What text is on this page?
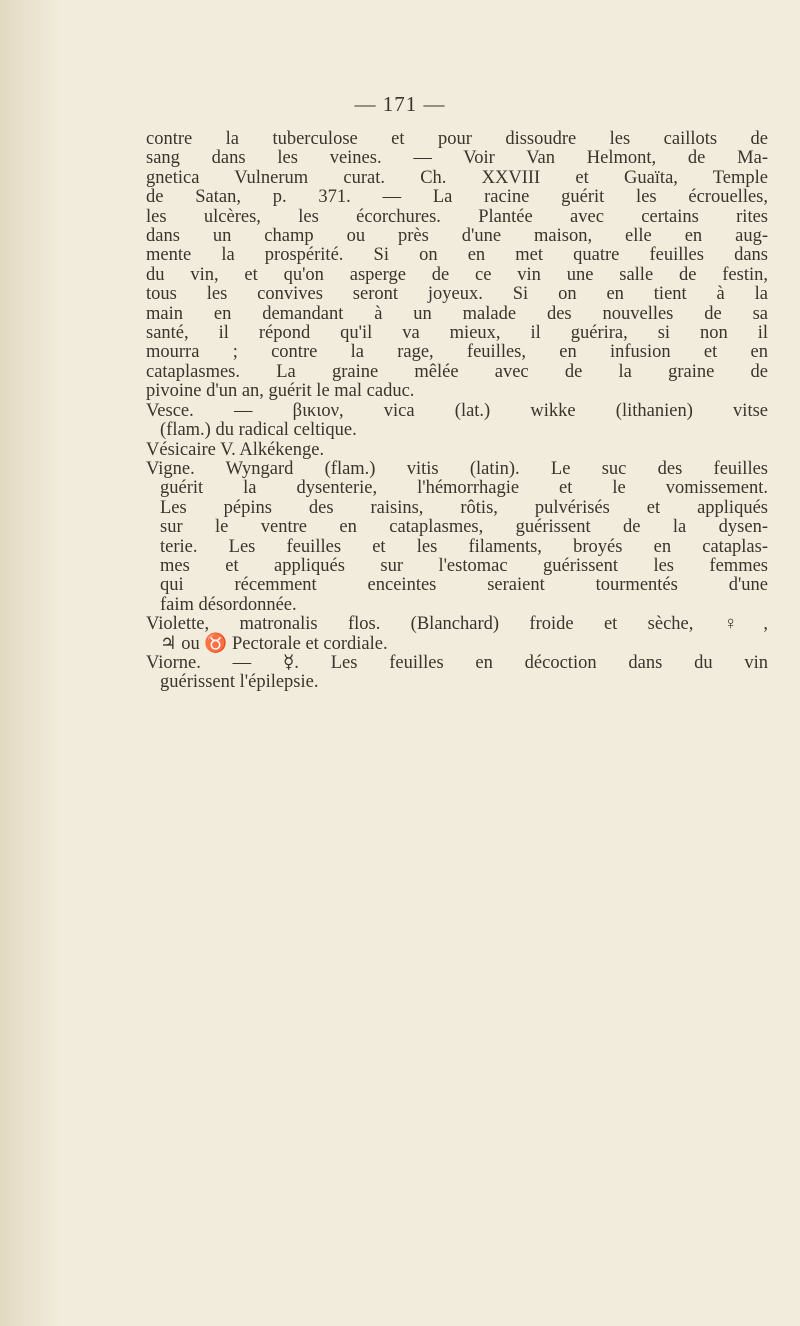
— 171 —
contre la tuberculose et pour dissoudre les caillots de
sang dans les veines. — Voir Van Helmont, de Ma-
gnetica Vulnerum curat. Ch. XXVIII et Guaïta, Temple
de Satan, p. 371. — La racine guérit les écrouelles,
les ulcères, les écorchures. Plantée avec certains rites
dans un champ ou près d'une maison, elle en aug-
mente la prospérité. Si on en met quatre feuilles dans
du vin, et qu'on asperge de ce vin une salle de festin,
tous les convives seront joyeux. Si on en tient à la
main en demandant à un malade des nouvelles de sa
santé, il répond qu'il va mieux, il guérira, si non il
mourra ; contre la rage, feuilles, en infusion et en
cataplasmes. La graine mêlée avec de la graine de
pivoine d'un an, guérit le mal caduc.
Vesce. — βικιον, vica (lat.) wikke (lithanien) vitse
(flam.) du radical celtique.
Vésicaire V. Alkékenge.
Vigne. Wyngard (flam.) vitis (latin). Le suc des feuilles
guérit la dysenterie, l'hémorrhagie et le vomissement.
Les pépins des raisins, rôtis, pulvérisés et appliqués
sur le ventre en cataplasmes, guérissent de la dysen-
terie. Les feuilles et les filaments, broyés en cataplas-
mes et appliqués sur l'estomac guérissent les femmes
qui récemment enceintes seraient tourmentés d'une
faim désordonnée.
Violette, matronalis flos. (Blanchard) froide et sèche, ♀,
♃ ou ♉ Pectorale et cordiale.
Viorne. — ☿. Les feuilles en décoction dans du vin
guérissent l'épilepsie.
